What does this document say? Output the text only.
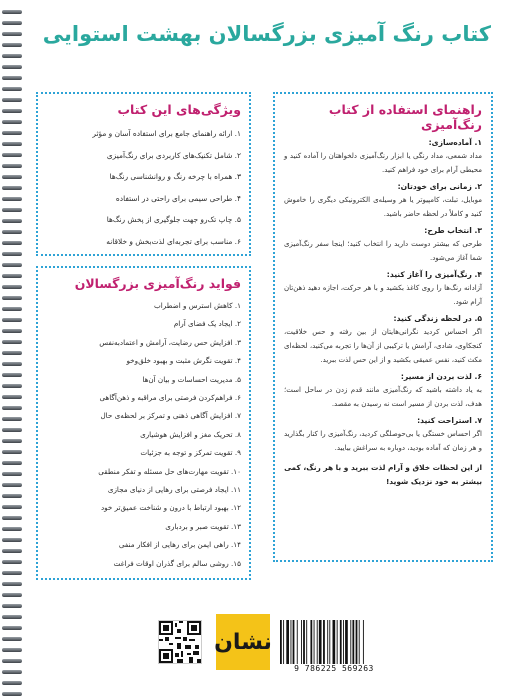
کتاب رنگ آمیزی بزرگسالان بهشت استوایی
ویژگی‌های این کتاب
۱. ارائه راهنمای جامع برای استفاده آسان و مؤثر
۲. شامل تکنیک‌های کاربردی برای رنگ‌آمیزی
۳. همراه با چرخه رنگ و روانشناسی رنگ‌ها
۴. طراحی سیمی برای راحتی در استفاده
۵. چاپ تک‌رو جهت جلوگیری از پخش رنگ‌ها
۶. مناسب برای تجربه‌ای لذت‌بخش و خلاقانه
فواید رنگ‌آمیزی بزرگسالان
۱. کاهش استرس و اضطراب
۲. ایجاد یک فضای آرام
۳. افزایش حس رضایت، آرامش و اعتماد‌به‌نفس
۴. تقویت نگرش مثبت و بهبود خلق‌وخو
۵. مدیریت احساسات و بیان آن‌ها
۶. فراهم‌کردن فرصتی برای مراقبه و ذهن‌آگاهی
۷. افزایش آگاهی ذهنی و تمرکز بر لحظه‌ی حال
۸. تحریک مغز و افزایش هوشیاری
۹. تقویت تمرکز و توجه به جزئیات
۱۰. تقویت مهارت‌های حل مسئله و تفکر منطقی
۱۱. ایجاد فرصتی برای رهایی از دنیای مجازی
۱۲. بهبود ارتباط با درون و شناخت عمیق‌تر خود
۱۳. تقویت صبر و بردباری
۱۴. راهی ایمن برای رهایی از افکار منفی
۱۵. روشی سالم برای گذران اوقات فراغت
راهنمای استفاده از کتاب رنگ‌آمیزی
۱. آماده‌سازی:

مداد شمعی، مداد رنگی یا ابزار رنگ‌آمیزی دلخواهتان را آماده کنید و محیطی آرام برای خود فراهم کنید.

۲. زمانی برای خودتان:

موبایل، تبلت، کامپیوتر یا هر وسیله‌ی الکترونیکی دیگری را خاموش کنید و کاملاً در لحظه حاضر باشید.

۳. انتخاب طرح:

طرحی که بیشتر دوست دارید را انتخاب کنید؛ اینجا سفر رنگ‌آمیزی شما آغاز می‌شود.

۴. رنگ‌آمیزی را آغاز کنید:

آزادانه رنگ‌ها را روی کاغذ بکشید و با هر حرکت، اجازه دهید ذهن‌تان آرام شود.

۵. در لحظه زندگی کنید:

اگر احساس کردید نگرانی‌هایتان از بین رفته و حس خلاقیت، کنجکاوی، شادی، آرامش یا ترکیبی از آن‌ها را تجربه می‌کنید، لحظه‌ای مکث کنید، نفس عمیقی بکشید و از این حس لذت ببرید.

۶. لذت بردن از مسیر:

به یاد داشته باشید که رنگ‌آمیزی مانند قدم زدن در ساحل است؛ هدف، لذت بردن از مسیر است نه رسیدن به مقصد.

۷. استراحت کنید:

اگر احساس خستگی یا بی‌حوصلگی کردید، رنگ‌آمیزی را کنار بگذارید و هر زمان که آماده بودید، دوباره به سراغش بیایید.

از این لحظات خلاق و آرام لذت ببرید و با هر رنگ، کمی بیشتر به خود نزدیک شوید!

نشان
9 786225 569263
